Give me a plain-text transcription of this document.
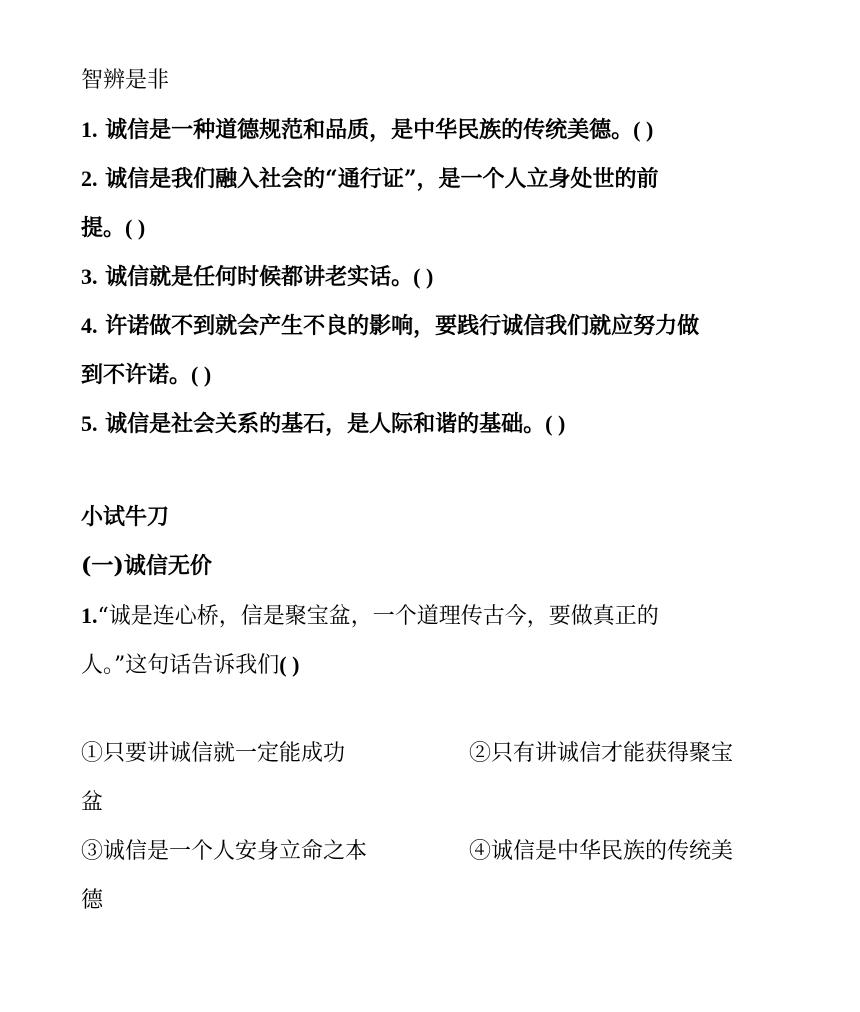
智辨是非
1. 诚信是一种道德规范和品质，是中华民族的传统美德。( )
2. 诚信是我们融入社会的“通行证”，是一个人立身处世的前
提。( )
3. 诚信就是任何时候都讲老实话。( )
4. 许诺做不到就会产生不良的影响，要践行诚信我们就应努力做
到不许诺。( )
5. 诚信是社会关系的基石，是人际和谐的基础。( )
小试牛刀
(一)诚信无价
1.“诚是连心桥，信是聚宝盆，一个道理传古今，要做真正的
人。”这句话告诉我们( )
①只要讲诚信就一定能成功	②只有讲诚信才能获得聚宝
盆
③诚信是一个人安身立命之本	④诚信是中华民族的传统美
德
